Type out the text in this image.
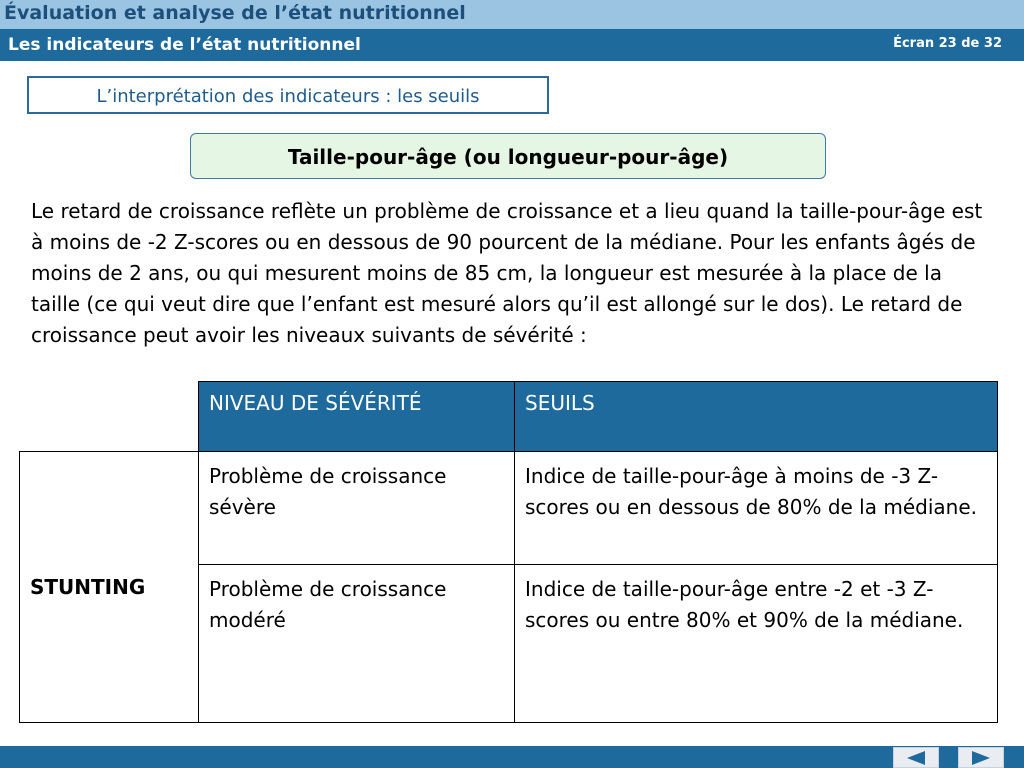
Évaluation et analyse de l’état nutritionnel
Les indicateurs de l’état nutritionnel	Écran 23 de 32
L’interprétation des indicateurs : les seuils
Taille-pour-âge (ou longueur-pour-âge)

Le retard de croissance reflète un problème de croissance et a lieu quand la taille-pour-âge est à moins de -2 Z-scores ou en dessous de 90 pourcent de la médiane. Pour les enfants âgés de moins de 2 ans, ou qui mesurent moins de 85 cm, la longueur est mesurée à la place de la taille (ce qui veut dire que l’enfant est mesuré alors qu’il est allongé sur le dos). Le retard de croissance peut avoir les niveaux suivants de sévérité :

	NIVEAU DE SÉVÉRITÉ	SEUILS
STUNTING	Problème de croissance sévère	Indice de taille-pour-âge à moins de -3 Z-scores ou en dessous de 80% de la médiane.
	Problème de croissance modéré	Indice de taille-pour-âge entre -2 et -3 Z-scores ou entre 80% et 90% de la médiane.
